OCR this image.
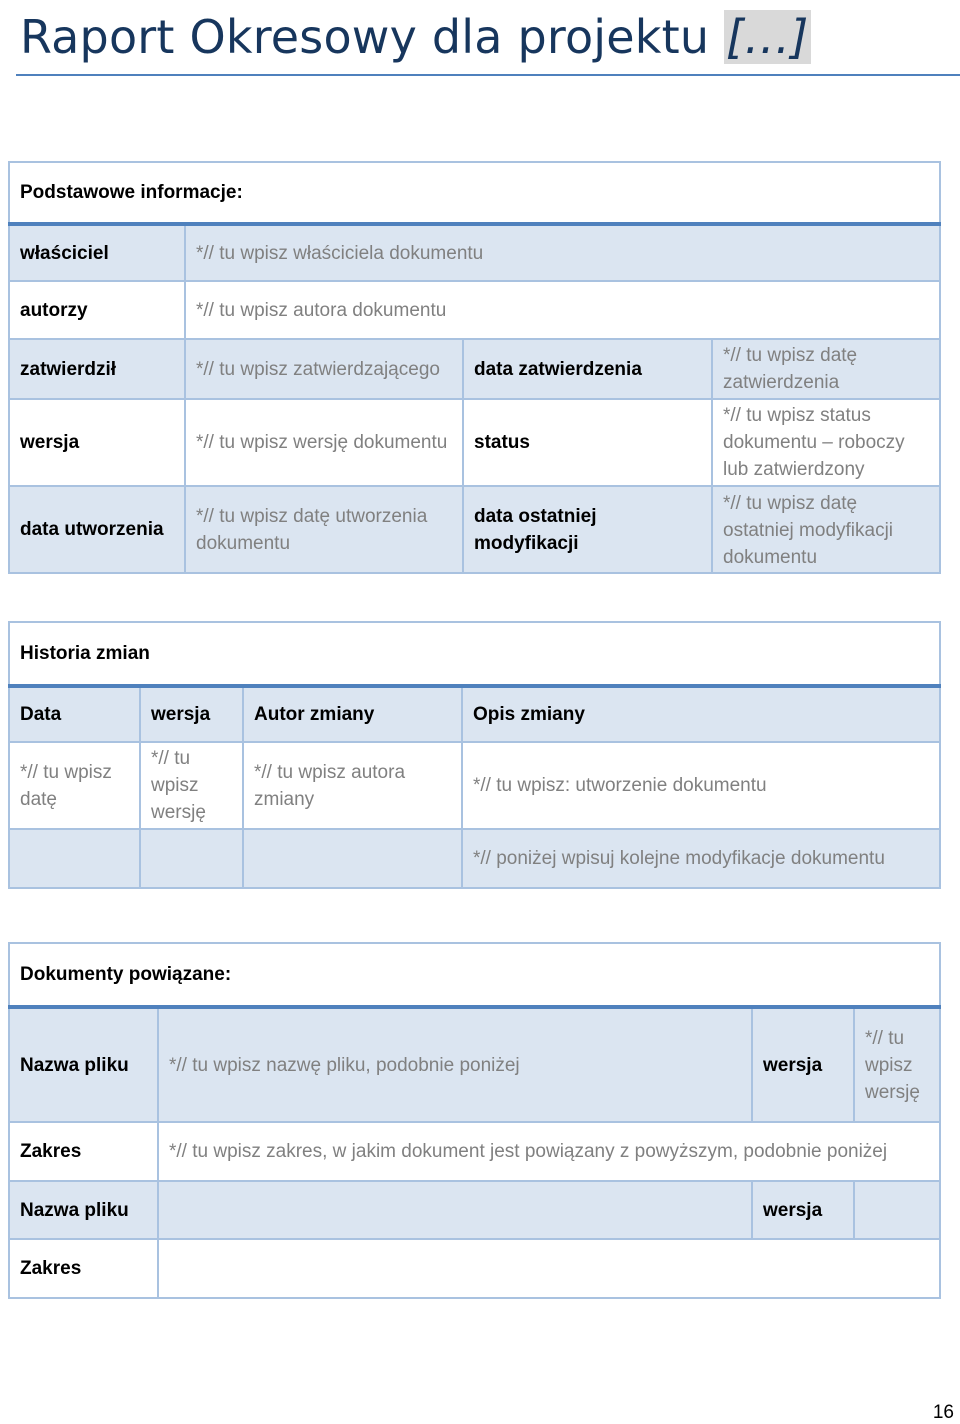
Raport Okresowy dla projektu […]
Podstawowe informacje:			
właściciel	*// tu wpisz właściciela dokumentu		
autorzy	*// tu wpisz autora dokumentu		
zatwierdził	*// tu wpisz zatwierdzającego	data zatwierdzenia	*// tu wpisz datę zatwierdzenia
wersja	*// tu wpisz wersję dokumentu	status	*// tu wpisz status dokumentu – roboczy lub zatwierdzony
data utworzenia	*// tu wpisz datę utworzenia dokumentu	data ostatniej modyfikacji	*// tu wpisz datę ostatniej modyfikacji dokumentu
Historia zmian			
Data	wersja	Autor zmiany	Opis zmiany
*// tu wpisz datę	*// tu wpisz wersję	*// tu wpisz autora zmiany	*// tu wpisz: utworzenie dokumentu
			*// poniżej wpisuj kolejne modyfikacje dokumentu
Dokumenty powiązane:			
Nazwa pliku	*// tu wpisz nazwę pliku, podobnie poniżej	wersja	*// tu wpisz wersję
Zakres	*// tu wpisz zakres, w jakim dokument jest powiązany z powyższym, podobnie poniżej		
Nazwa pliku		wersja	
Zakres			
16
